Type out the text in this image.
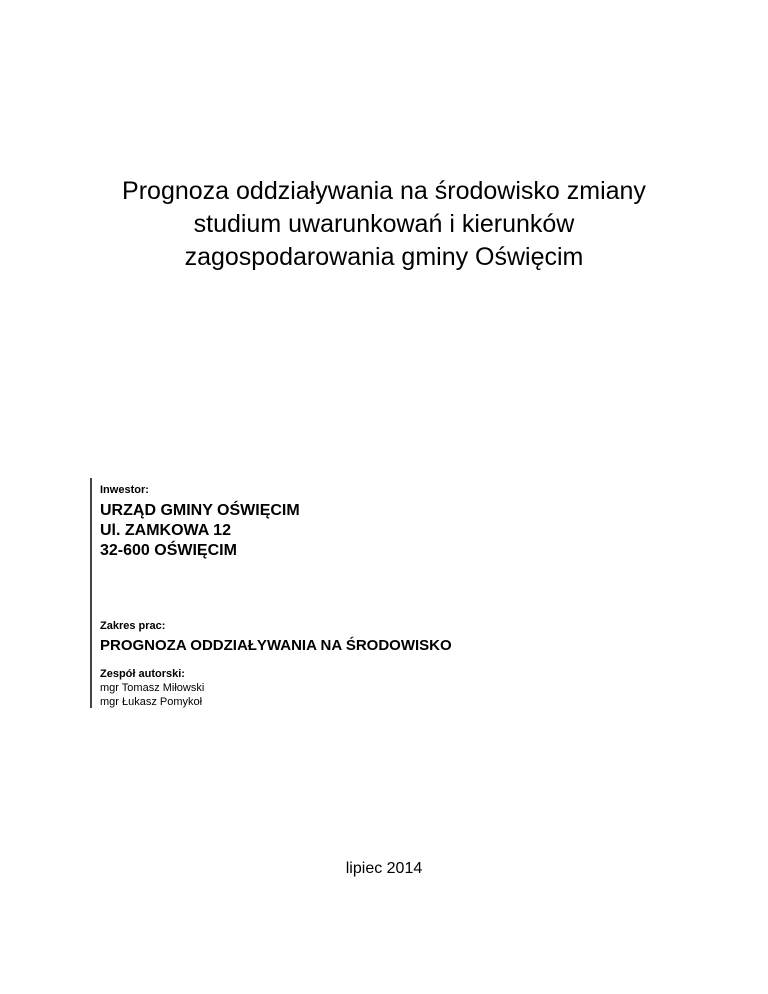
Prognoza oddziaływania na środowisko zmiany
studium uwarunkowań i kierunków
zagospodarowania gminy Oświęcim
Inwestor:
URZĄD GMINY OŚWIĘCIM
Ul. ZAMKOWA 12
32-600 OŚWIĘCIM
Zakres prac:
PROGNOZA ODDZIAŁYWANIA NA ŚRODOWISKO
Zespół autorski:
mgr Tomasz Miłowski
mgr Łukasz Pomykoł
lipiec 2014
